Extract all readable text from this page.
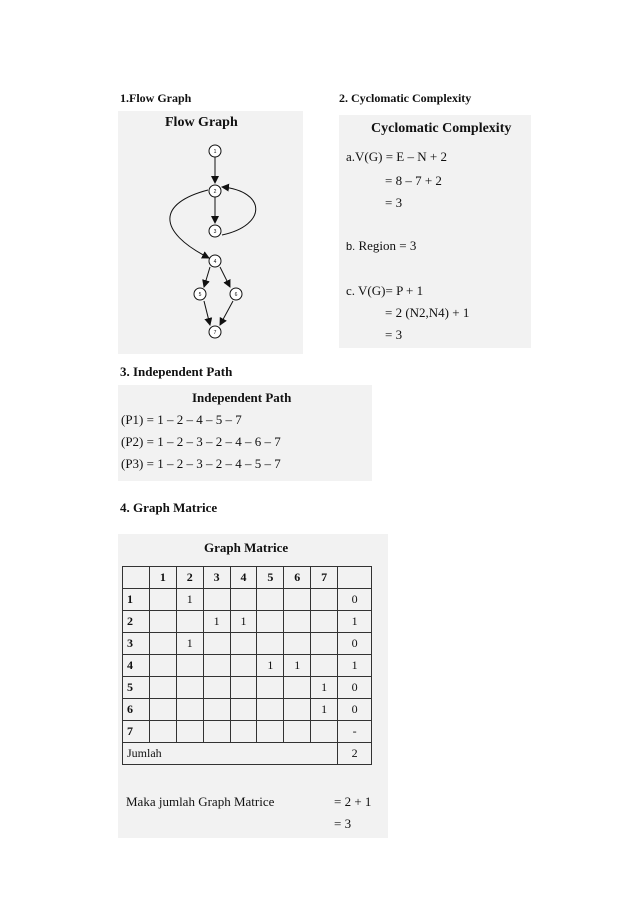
1.Flow Graph	2. Cyclomatic Complexity
Flow Graph
1
2
3
4
5	6
7
Cyclomatic Complexity
a.V(G) = E – N + 2
= 8 – 7 + 2
= 3
b. Region = 3
c. V(G)= P + 1
= 2 (N2,N4) + 1
= 3
3. Independent Path
Independent Path
(P1) = 1 – 2 – 4 – 5 – 7
(P2) = 1 – 2 – 3 – 2 – 4 – 6 – 7
(P3) = 1 – 2 – 3 – 2 – 4 – 5 – 7
4. Graph Matrice
Graph Matrice
	1	2	3	4	5	6	7	
1		1						0
2			1	1				1
3		1						0
4					1	1		1
5							1	0
6							1	0
7								-
Jumlah								2
Maka jumlah Graph Matrice	= 2 + 1
= 3
